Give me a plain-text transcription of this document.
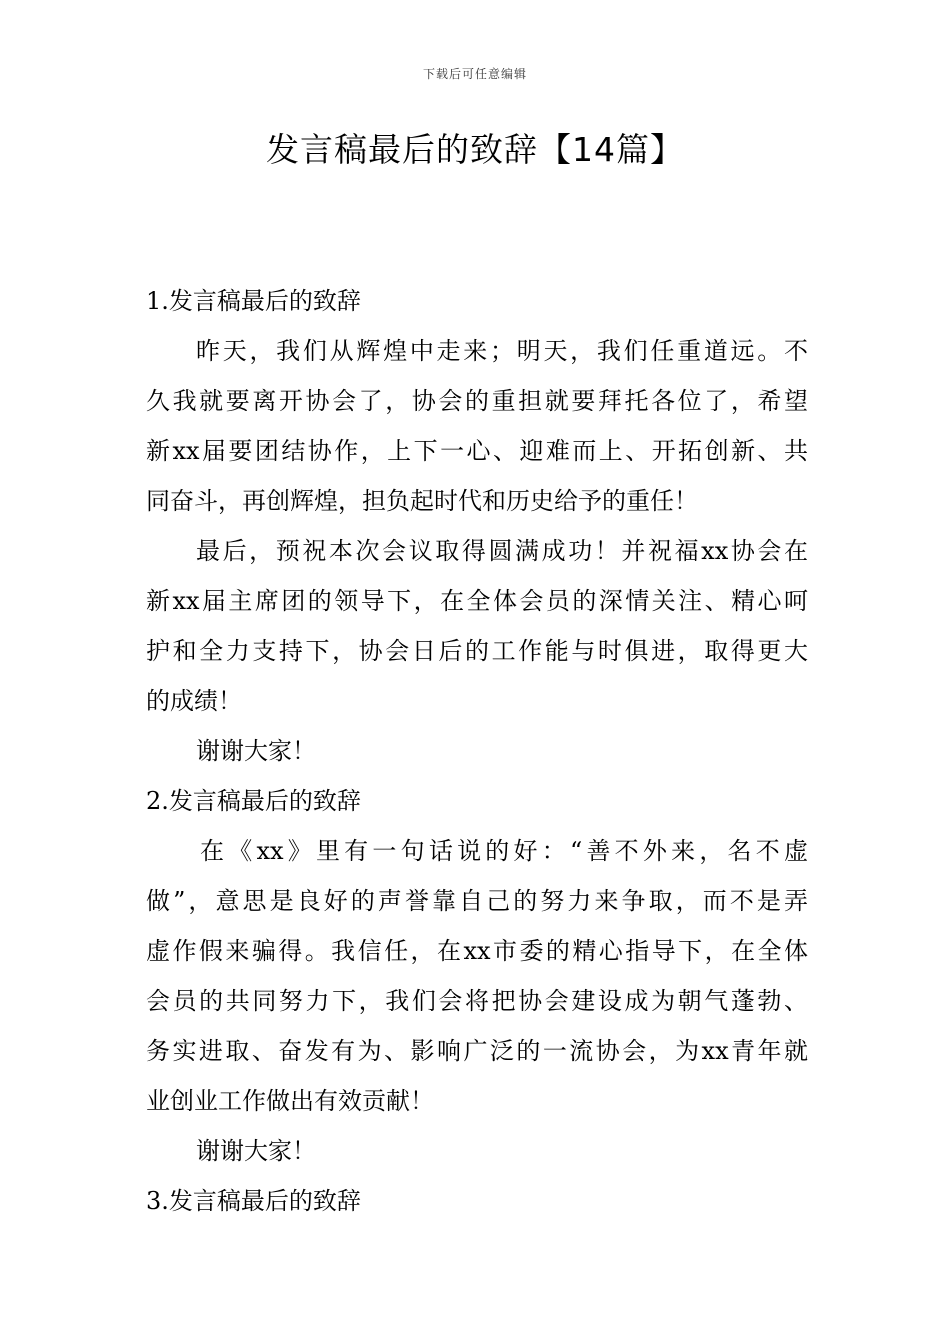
下载后可任意编辑
发言稿最后的致辞【14篇】
1.发言稿最后的致辞
昨天，我们从辉煌中走来；明天，我们任重道远。不
久我就要离开协会了，协会的重担就要拜托各位了，希望
新xx届要团结协作，上下一心、迎难而上、开拓创新、共
同奋斗，再创辉煌，担负起时代和历史给予的重任！
最后，预祝本次会议取得圆满成功！并祝福xx协会在
新xx届主席团的领导下，在全体会员的深情关注、精心呵
护和全力支持下，协会日后的工作能与时俱进，取得更大
的成绩！
谢谢大家！
2.发言稿最后的致辞
在《xx》里有一句话说的好：“善不外来，名不虚
做”，意思是良好的声誉靠自己的努力来争取，而不是弄
虚作假来骗得。我信任，在xx市委的精心指导下，在全体
会员的共同努力下，我们会将把协会建设成为朝气蓬勃、
务实进取、奋发有为、影响广泛的一流协会，为xx青年就
业创业工作做出有效贡献！
谢谢大家！
3.发言稿最后的致辞
